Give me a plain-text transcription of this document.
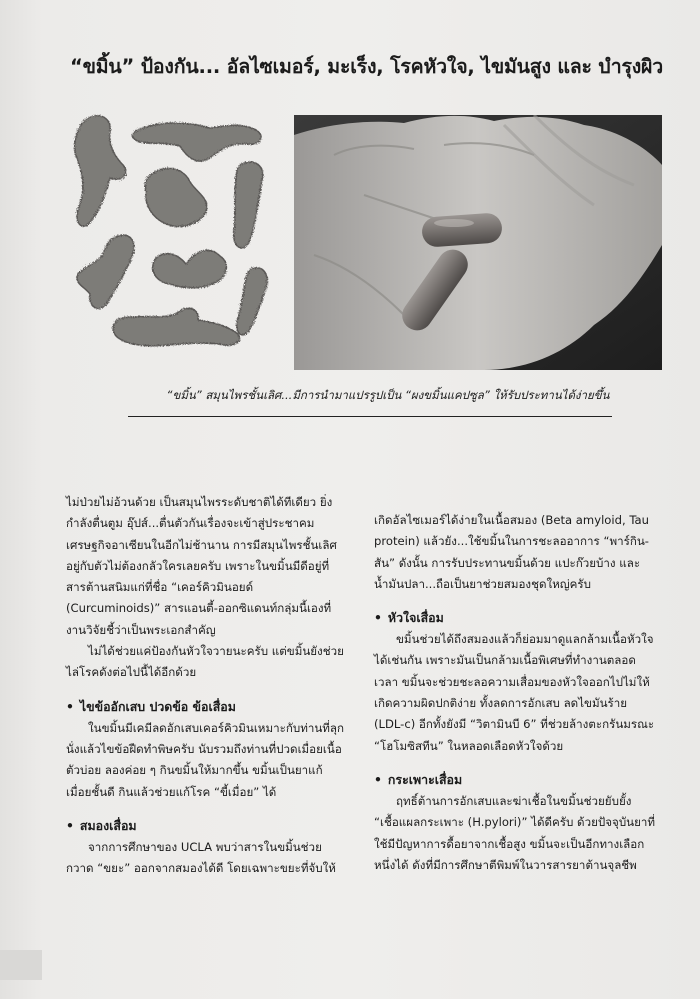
“ขมิ้น” ป้องกัน... อัลไซเมอร์, มะเร็ง, โรคหัวใจ, ไขมันสูง และ บำรุงผิว
“ขมิ้น” สมุนไพรชั้นเลิศ...มีการนำมาแปรรูปเป็น “ผงขมิ้นแคปซูล” ให้รับประทานได้ง่ายขึ้น

ไม่ป่วยไม่อ้วนด้วย เป็นสมุนไพรระดับชาติได้ทีเดียว ยิ่งกำลังตื่นตูม อุ๊ปส์...ตื่นตัวกันเรื่องจะเข้าสู่ประชาคมเศรษฐกิจอาเซียนในอีกไม่ช้านาน การมีสมุนไพรชั้นเลิศอยู่กับตัวไม่ต้องกลัวใครเลยครับ เพราะในขมิ้นมีดีอยู่ที่สารต้านสนิมแก่ที่ชื่อ “เคอร์คิวมินอยด์ (Curcuminoids)” สารแอนตี้-ออกซิแดนท์กลุ่มนี้เองที่งานวิจัยชี้ว่าเป็นพระเอกสำคัญ

ไม่ได้ช่วยแค่ป้องกันหัวใจวายนะครับ แต่ขมิ้นยังช่วยไล่โรคดังต่อไปนี้ได้อีกด้วย

• ไขข้ออักเสบ ปวดข้อ ข้อเสื่อม

ในขมิ้นมีเคมีลดอักเสบเคอร์คิวมินเหมาะกับท่านที่ลุกนั่งแล้วไขข้อฝืดทำพิษครับ นับรวมถึงท่านที่ปวดเมื่อยเนื้อตัวบ่อย ลองค่อย ๆ กินขมิ้นให้มากขึ้น ขมิ้นเป็นยาแก้เมื่อยชั้นดี กินแล้วช่วยแก้โรค “ขี้เมื่อย” ได้

• สมองเสื่อม

จากการศึกษาของ UCLA พบว่าสารในขมิ้นช่วยกวาด “ขยะ” ออกจากสมองได้ดี โดยเฉพาะขยะที่จับให้

เกิดอัลไซเมอร์ได้ง่ายในเนื้อสมอง (Beta amyloid, Tau protein) แล้วยัง...ใช้ขมิ้นในการชะลออาการ “พาร์กิน-สัน” ดังนั้น การรับประทานขมิ้นด้วย แปะก๊วยบ้าง และน้ำมันปลา...ถือเป็นยาช่วยสมองชุดใหญ่ครับ

• หัวใจเสื่อม

ขมิ้นช่วยได้ถึงสมองแล้วก็ย่อมมาดูแลกล้ามเนื้อหัวใจได้เช่นกัน เพราะมันเป็นกล้ามเนื้อพิเศษที่ทำงานตลอดเวลา ขมิ้นจะช่วยชะลอความเสื่อมของหัวใจออกไปไม่ให้เกิดความผิดปกติง่าย ทั้งลดการอักเสบ ลดไขมันร้าย (LDL-c) อีกทั้งยังมี “วิตามินบี 6” ที่ช่วยล้างตะกรันมรณะ “โฮโมซิสทีน” ในหลอดเลือดหัวใจด้วย

• กระเพาะเสื่อม

ฤทธิ์ต้านการอักเสบและฆ่าเชื้อในขมิ้นช่วยยับยั้ง “เชื้อแผลกระเพาะ (H.pylori)” ได้ดีครับ ด้วยปัจจุบันยาที่ใช้มีปัญหาการดื้อยาจากเชื้อสูง ขมิ้นจะเป็นอีกทางเลือกหนึ่งได้ ดังที่มีการศึกษาตีพิมพ์ในวารสารยาต้านจุลชีพ
